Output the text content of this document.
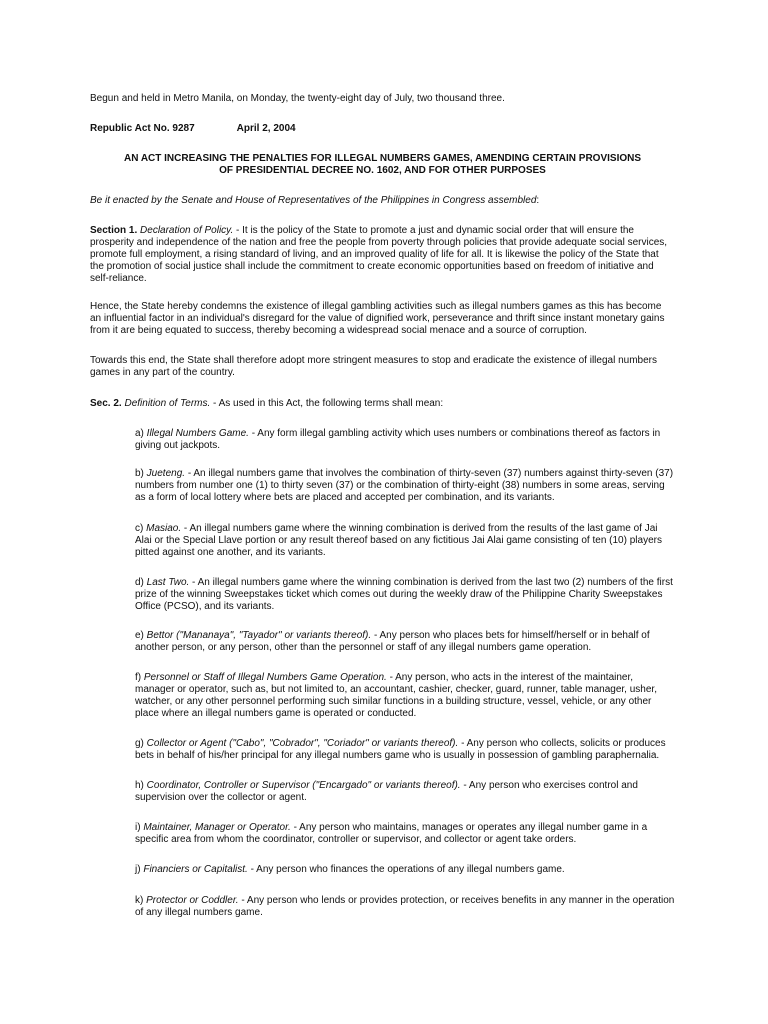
Begun and held in Metro Manila, on Monday, the twenty-eight day of July, two thousand three.

Republic Act No. 9287	April 2, 2004

AN ACT INCREASING THE PENALTIES FOR ILLEGAL NUMBERS GAMES, AMENDING CERTAIN PROVISIONS
OF PRESIDENTIAL DECREE NO. 1602, AND FOR OTHER PURPOSES

Be it enacted by the Senate and House of Representatives of the Philippines in Congress assembled:

Section 1. Declaration of Policy. - It is the policy of the State to promote a just and dynamic social order that will ensure the prosperity and independence of the nation and free the people from poverty through policies that provide adequate social services, promote full employment, a rising standard of living, and an improved quality of life for all. It is likewise the policy of the State that the promotion of social justice shall include the commitment to create economic opportunities based on freedom of initiative and self-reliance.

Hence, the State hereby condemns the existence of illegal gambling activities such as illegal numbers games as this has become an influential factor in an individual's disregard for the value of dignified work, perseverance and thrift since instant monetary gains from it are being equated to success, thereby becoming a widespread social menace and a source of corruption.

Towards this end, the State shall therefore adopt more stringent measures to stop and eradicate the existence of illegal numbers games in any part of the country.

Sec. 2. Definition of Terms. - As used in this Act, the following terms shall mean:

a) Illegal Numbers Game. - Any form illegal gambling activity which uses numbers or combinations thereof as factors in giving out jackpots.

b) Jueteng. - An illegal numbers game that involves the combination of thirty-seven (37) numbers against thirty-seven (37) numbers from number one (1) to thirty seven (37) or the combination of thirty-eight (38) numbers in some areas, serving as a form of local lottery where bets are placed and accepted per combination, and its variants.

c) Masiao. - An illegal numbers game where the winning combination is derived from the results of the last game of Jai Alai or the Special Llave portion or any result thereof based on any fictitious Jai Alai game consisting of ten (10) players pitted against one another, and its variants.

d) Last Two. - An illegal numbers game where the winning combination is derived from the last two (2) numbers of the first prize of the winning Sweepstakes ticket which comes out during the weekly draw of the Philippine Charity Sweepstakes Office (PCSO), and its variants.

e) Bettor ("Mananaya", "Tayador" or variants thereof). - Any person who places bets for himself/herself or in behalf of another person, or any person, other than the personnel or staff of any illegal numbers game operation.

f) Personnel or Staff of Illegal Numbers Game Operation. - Any person, who acts in the interest of the maintainer, manager or operator, such as, but not limited to, an accountant, cashier, checker, guard, runner, table manager, usher, watcher, or any other personnel performing such similar functions in a building structure, vessel, vehicle, or any other place where an illegal numbers game is operated or conducted.

g) Collector or Agent ("Cabo", "Cobrador", "Coriador" or variants thereof). - Any person who collects, solicits or produces bets in behalf of his/her principal for any illegal numbers game who is usually in possession of gambling paraphernalia.

h) Coordinator, Controller or Supervisor ("Encargado" or variants thereof). - Any person who exercises control and supervision over the collector or agent.

i) Maintainer, Manager or Operator. - Any person who maintains, manages or operates any illegal number game in a specific area from whom the coordinator, controller or supervisor, and collector or agent take orders.

j) Financiers or Capitalist. - Any person who finances the operations of any illegal numbers game.

k) Protector or Coddler. - Any person who lends or provides protection, or receives benefits in any manner in the operation of any illegal numbers game.
